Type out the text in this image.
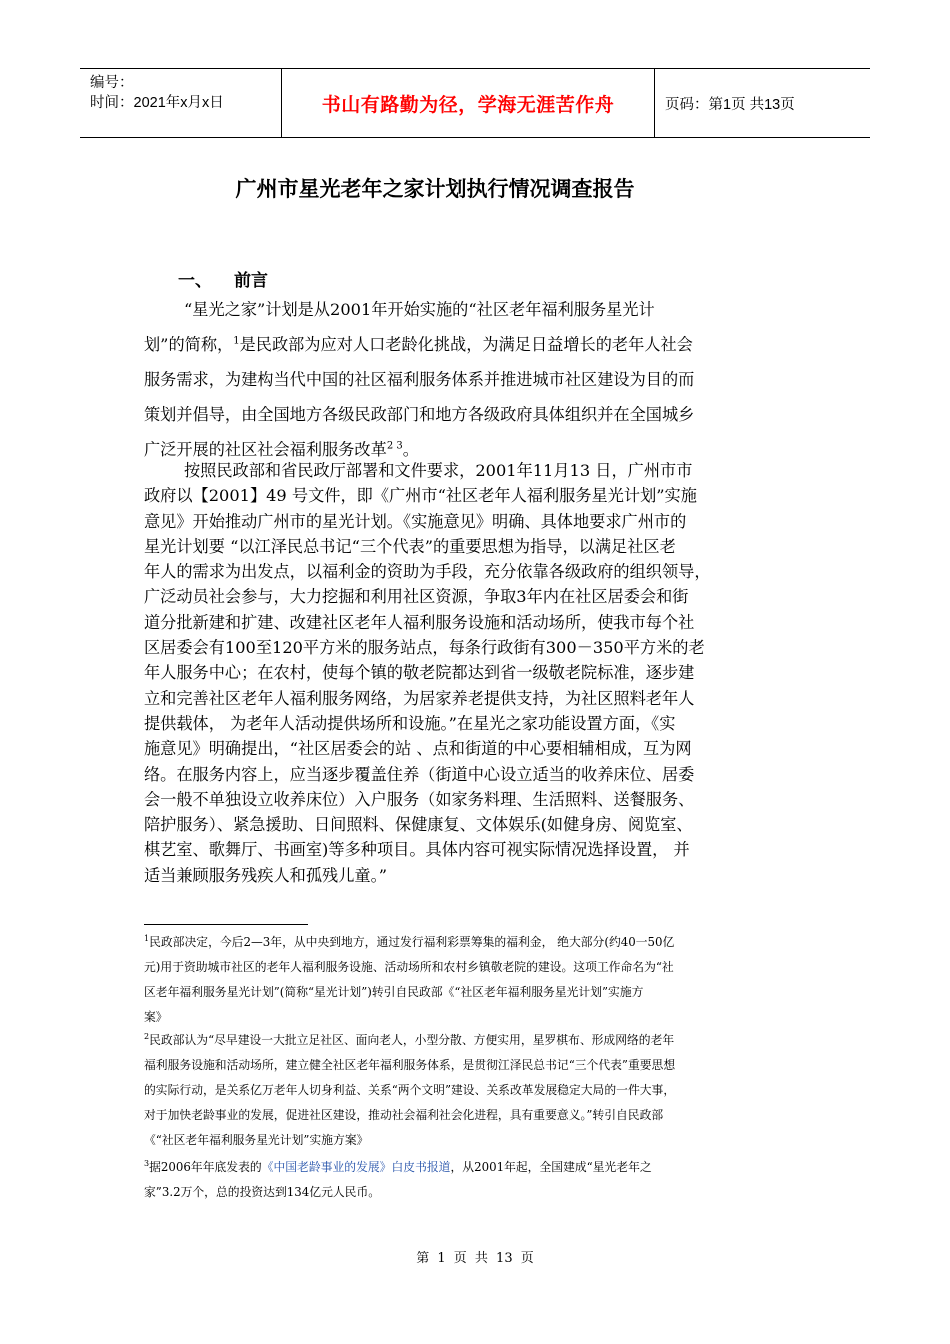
编号：
时间：2021年x月x日	书山有路勤为径，学海无涯苦作舟	页码：第1页 共13页
广州市星光老年之家计划执行情况调查报告
一、 前言
“星光之家”计划是从2001年开始实施的“社区老年福利服务星光计
划”的简称，$^1$是民政部为应对人口老龄化挑战，为满足日益增长的老年人社会
服务需求，为建构当代中国的社区福利服务体系并推进城市社区建设为目的而
策划并倡导，由全国地方各级民政部门和地方各级政府具体组织并在全国城乡
广泛开展的社区社会福利服务改革$^{2 3}$。
按照民政部和省民政厅部署和文件要求，2001年11月13 日，广州市市
政府以【2001】49 号文件，即《广州市“社区老年人福利服务星光计划”实施
意见》开始推动广州市的星光计划。《实施意见》明确、具体地要求广州市的
星光计划要 “以江泽民总书记“三个代表”的重要思想为指导，以满足社区老
年人的需求为出发点，以福利金的资助为手段，充分依靠各级政府的组织领导，
广泛动员社会参与，大力挖掘和利用社区资源，争取3年内在社区居委会和街
道分批新建和扩建、改建社区老年人福利服务设施和活动场所，使我市每个社
区居委会有100至120平方米的服务站点，每条行政街有300－350平方米的老
年人服务中心；在农村，使每个镇的敬老院都达到省一级敬老院标准，逐步建
立和完善社区老年人福利服务网络，为居家养老提供支持，为社区照料老年人
提供载体， 为老年人活动提供场所和设施。”在星光之家功能设置方面，《实
施意见》明确提出，“社区居委会的站 、点和街道的中心要相辅相成，互为网
络。在服务内容上，应当逐步覆盖住养（街道中心设立适当的收养床位、居委
会一般不单独设立收养床位）入户服务（如家务料理、生活照料、送餐服务、
陪护服务）、紧急援助、日间照料、保健康复、文体娱乐(如健身房、阅览室、
棋艺室、歌舞厅、书画室)等多种项目。具体内容可视实际情况选择设置， 并
适当兼顾服务残疾人和孤残儿童。”
$^1$民政部决定，今后2—3年，从中央到地方，通过发行福利彩票筹集的福利金， 绝大部分(约40一50亿
元)用于资助城市社区的老年人福利服务设施、活动场所和农村乡镇敬老院的建设。这项工作命名为“社
区老年福利服务星光计划”(简称“星光计划”)转引自民政部《“社区老年福利服务星光计划”实施方
案》
$^2$民政部认为“尽早建设一大批立足社区、面向老人，小型分散、方便实用，星罗棋布、形成网络的老年
福利服务设施和活动场所，建立健全社区老年福利服务体系，是贯彻江泽民总书记“三个代表”重要思想
的实际行动，是关系亿万老年人切身利益、关系“两个文明”建设、关系改革发展稳定大局的一件大事，
对于加快老龄事业的发展，促进社区建设，推动社会福利社会化进程，具有重要意义。”转引自民政部
《“社区老年福利服务星光计划”实施方案》
$^3$据2006年年底发表的《中国老龄事业的发展》白皮书报道，从2001年起，全国建成“星光老年之
家”3.2万个，总的投资达到134亿元人民币。
第 1 页 共 13 页
